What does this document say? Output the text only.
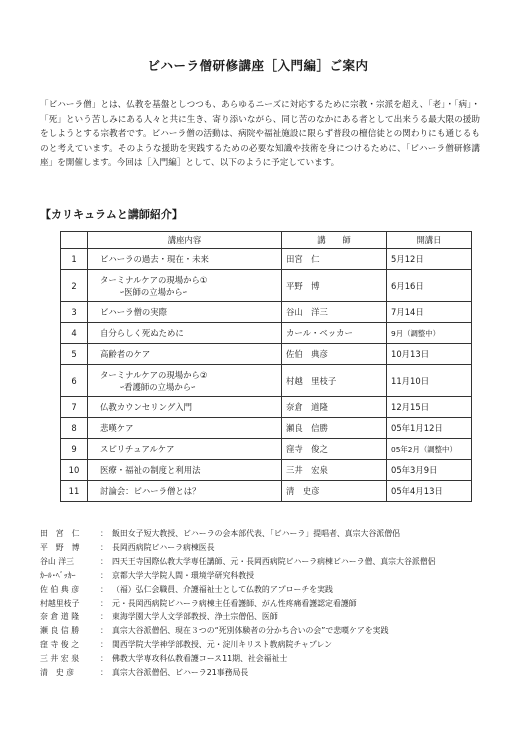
ビハーラ僧研修講座［入門編］ご案内

「ビハーラ僧」とは、仏教を基盤としつつも、あらゆるニーズに対応するために宗教・宗派を超え、「老」・「病」・「死」という苦しみにある人々と共に生き、寄り添いながら、同じ苦のなかにある者として出来うる最大限の援助をしようとする宗教者です。ビハーラ僧の活動は、病院や福祉施設に限らず普段の檀信徒との関わりにも通じるものと考えています。そのような援助を実践するための必要な知識や技術を身につけるために、「ビハーラ僧研修講座」を開催します。今回は［入門編］として、以下のように予定しています。

【カリキュラムと講師紹介】
	講座内容	講　　師	開講日
1	ビハーラの過去・現在・未来	田宮　仁	5月12日
2	ターミナルケアの現場から①
ｰ医師の立場からｰ	平野　博	6月16日
3	ビハーラ僧の実際	谷山　洋三	7月14日
4	自分らしく死ぬために	カール・ベッカー	9月（調整中）
5	高齢者のケア	佐伯　典彦	10月13日
6	ターミナルケアの現場から②
ｰ看護師の立場からｰ	村越　里枝子	11月10日
7	仏教カウンセリング入門	奈倉　道隆	12月15日
8	悲嘆ケア	瀬良　信勝	05年1月12日
9	スピリチュアルケア	窪寺　俊之	05年2月（調整中）
10	医療・福祉の制度と利用法	三井　宏泉	05年3月9日
11	討論会：ビハーラ僧とは？	清　史彦	05年4月13日
田　宮　仁	： 飯田女子短大教授、ビハーラの会本部代表、「ビハーラ」提唱者、真宗大谷派僧侶
平　野　博	： 長岡西病院ビハーラ病棟医長
谷山 洋三	： 四天王寺国際仏教大学専任講師、元・長岡西病院ビハーラ病棟ビハーラ僧、真宗大谷派僧侶
ｶｰﾙ･ﾍﾞｯｶｰ	： 京都大学大学院人間・環境学研究科教授
佐 伯 典 彦	： （福）弘仁会職員、介護福祉士として仏教的アプローチを実践
村越里枝子	： 元・長岡西病院ビハーラ病棟主任看護師、がん性疼痛看護認定看護師
奈 倉 道 隆	： 東海学園大学人文学部教授、浄土宗僧侶、医師
瀬 良 信 勝	： 真宗大谷派僧侶、現在３つの“死別体験者の分かち合いの会”で悲嘆ケアを実践
窪 寺 俊 之	： 関西学院大学神学部教授、元・淀川キリスト教病院チャプレン
三 井 宏 泉	： 佛教大学専攻科仏教看護コース11期、社会福祉士
清　史 彦	： 真宗大谷派僧侶、ビハーラ21事務局長
